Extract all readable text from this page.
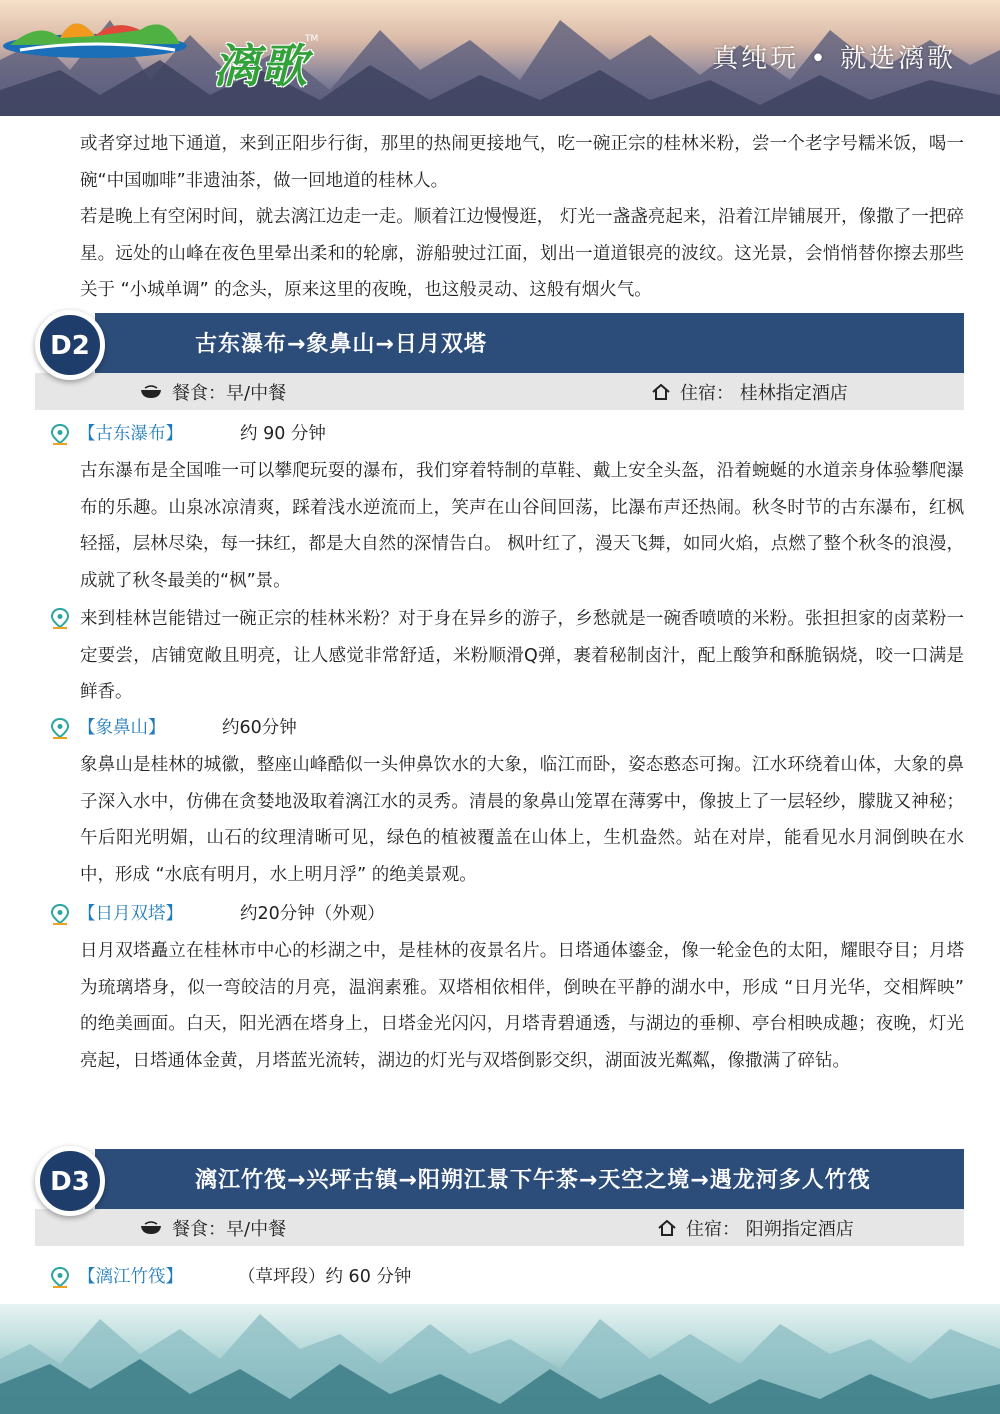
漓歌
TM
真纯玩 • 就选漓歌

或者穿过地下通道，来到正阳步行街，那里的热闹更接地气，吃一碗正宗的桂林米粉，尝一个老字号糯米饭，喝一碗“中国咖啡”非遗油茶，做一回地道的桂林人。

若是晚上有空闲时间，就去漓江边走一走。顺着江边慢慢逛， 灯光一盏盏亮起来，沿着江岸铺展开，像撒了一把碎星。远处的山峰在夜色里晕出柔和的轮廓，游船驶过江面，划出一道道银亮的波纹。这光景，会悄悄替你擦去那些关于 “小城单调” 的念头，原来这里的夜晚，也这般灵动、这般有烟火气。

古东瀑布→象鼻山→日月双塔
餐食：早/中餐	住宿： 桂林指定酒店
D2
【古东瀑布】	约 90 分钟

古东瀑布是全国唯一可以攀爬玩耍的瀑布，我们穿着特制的草鞋、戴上安全头盔，沿着蜿蜒的水道亲身体验攀爬瀑布的乐趣。山泉冰凉清爽，踩着浅水逆流而上，笑声在山谷间回荡，比瀑布声还热闹。秋冬时节的古东瀑布，红枫轻摇，层林尽染，每一抹红，都是大自然的深情告白。 枫叶红了，漫天飞舞，如同火焰，点燃了整个秋冬的浪漫，成就了秋冬最美的“枫”景。

来到桂林岂能错过一碗正宗的桂林米粉？对于身在异乡的游子，乡愁就是一碗香喷喷的米粉。张担担家的卤菜粉一定要尝，店铺宽敞且明亮，让人感觉非常舒适，米粉顺滑Q弹，裹着秘制卤汁，配上酸笋和酥脆锅烧，咬一口满是鲜香。

【象鼻山】	约60分钟

象鼻山是桂林的城徽，整座山峰酷似一头伸鼻饮水的大象，临江而卧，姿态憨态可掬。江水环绕着山体，大象的鼻子深入水中，仿佛在贪婪地汲取着漓江水的灵秀。清晨的象鼻山笼罩在薄雾中，像披上了一层轻纱，朦胧又神秘；午后阳光明媚，山石的纹理清晰可见，绿色的植被覆盖在山体上，生机盎然。站在对岸，能看见水月洞倒映在水中，形成 “水底有明月，水上明月浮” 的绝美景观。

【日月双塔】	约20分钟（外观）

日月双塔矗立在桂林市中心的杉湖之中，是桂林的夜景名片。日塔通体鎏金，像一轮金色的太阳，耀眼夺目；月塔为琉璃塔身，似一弯皎洁的月亮，温润素雅。双塔相依相伴，倒映在平静的湖水中，形成 “日月光华，交相辉映” 的绝美画面。白天，阳光洒在塔身上，日塔金光闪闪，月塔青碧通透，与湖边的垂柳、亭台相映成趣；夜晚，灯光亮起，日塔通体金黄，月塔蓝光流转，湖边的灯光与双塔倒影交织，湖面波光粼粼，像撒满了碎钻。

漓江竹筏→兴坪古镇→阳朔江景下午茶→天空之境→遇龙河多人竹筏
餐食：早/中餐	住宿： 阳朔指定酒店
D3
【漓江竹筏】	（草坪段）约 60 分钟
